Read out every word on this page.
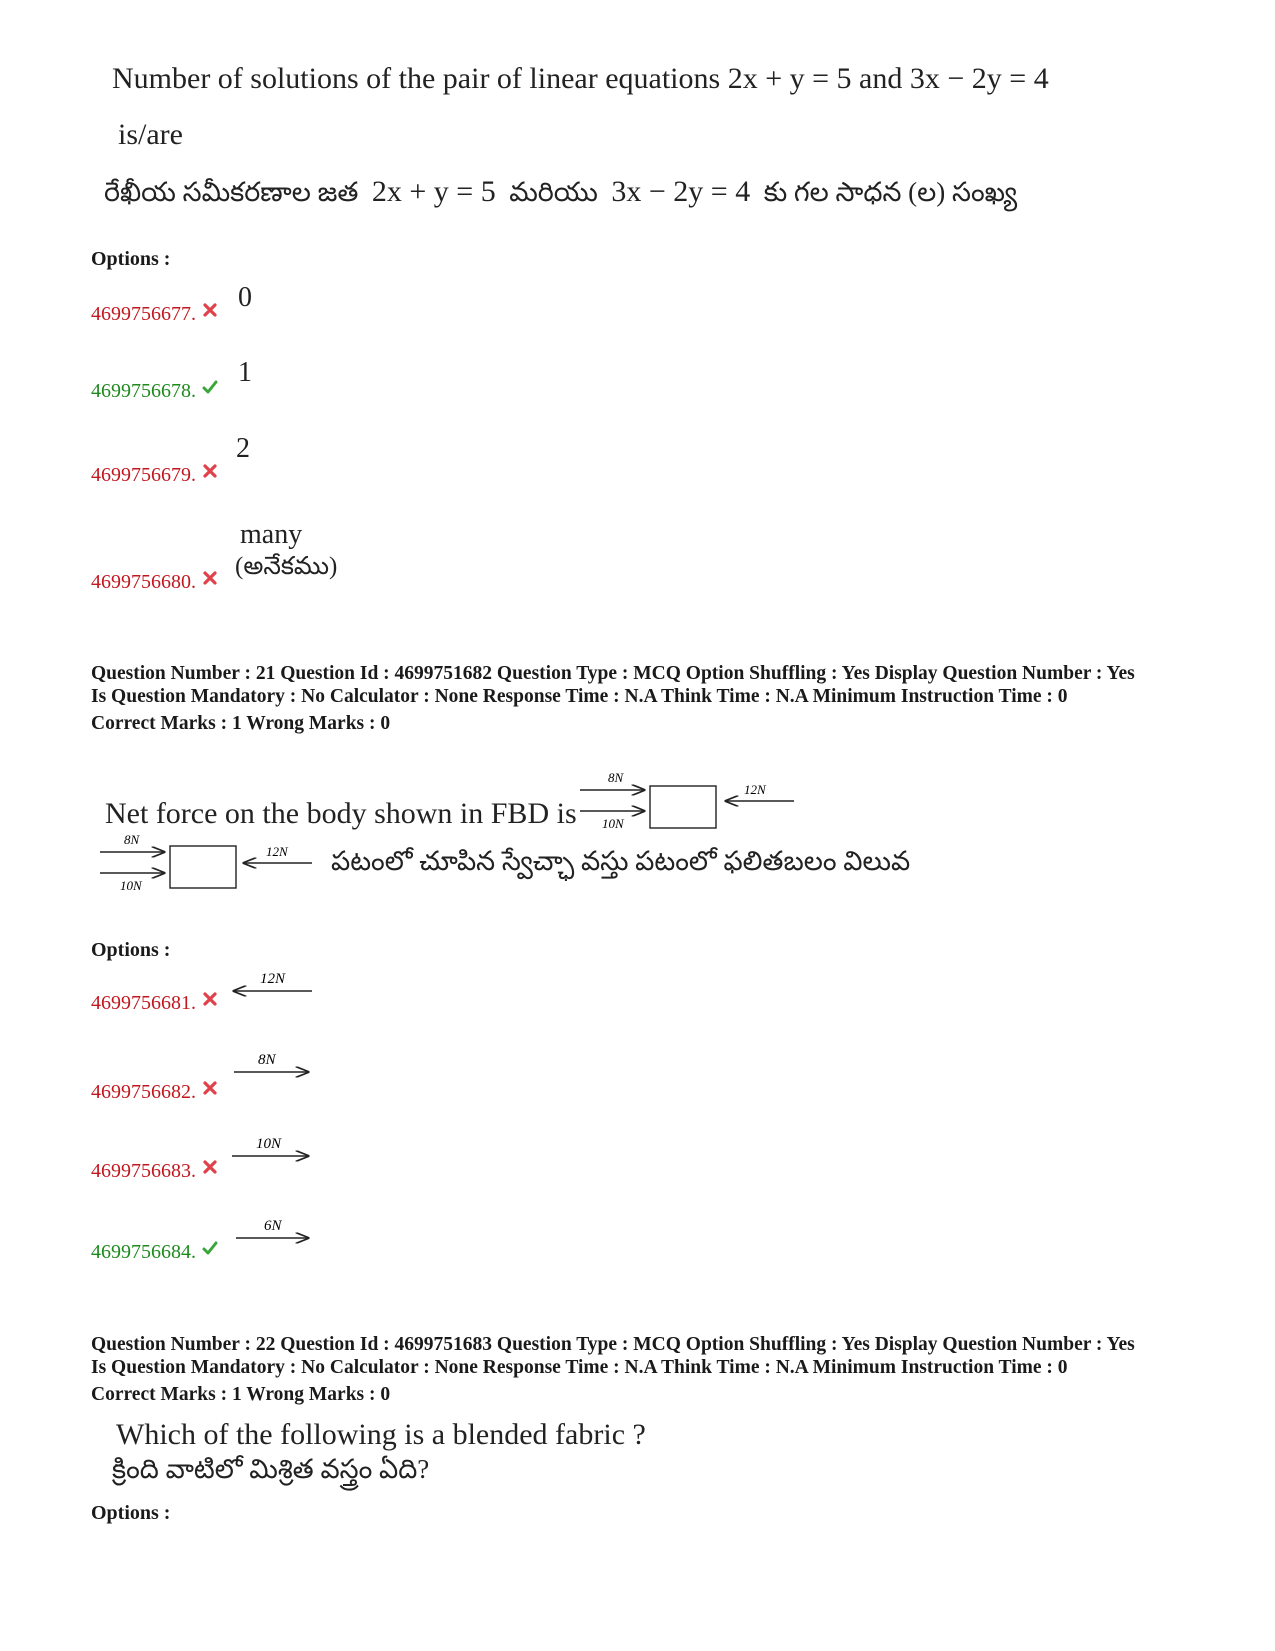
Number of solutions of the pair of linear equations 2x + y = 5 and 3x − 2y = 4
is/are
రేఖీయ సమీకరణాల జత 2x + y = 5 మరియు 3x − 2y = 4 కు గల సాధన (ల) సంఖ్య
Options :
4699756677.
0
4699756678.
1
4699756679.
2
4699756680.
many
(అనేకము)
Question Number : 21 Question Id : 4699751682 Question Type : MCQ Option Shuffling : Yes Display Question Number : Yes
Is Question Mandatory : No Calculator : None Response Time : N.A Think Time : N.A Minimum Instruction Time : 0
Correct Marks : 1 Wrong Marks : 0
Net force on the body shown in FBD is
8N
10N
12N
8N
10N
12N పటంలో చూపిన స్వేచ్ఛా వస్తు పటంలో ఫలితబలం విలువ
Options :
4699756681.
12N
4699756682.
8N
4699756683.
10N
4699756684.
6N
Question Number : 22 Question Id : 4699751683 Question Type : MCQ Option Shuffling : Yes Display Question Number : Yes
Is Question Mandatory : No Calculator : None Response Time : N.A Think Time : N.A Minimum Instruction Time : 0
Correct Marks : 1 Wrong Marks : 0
Which of the following is a blended fabric ?
క్రింది వాటిలో మిశ్రిత వస్త్రం ఏది?
Options :
